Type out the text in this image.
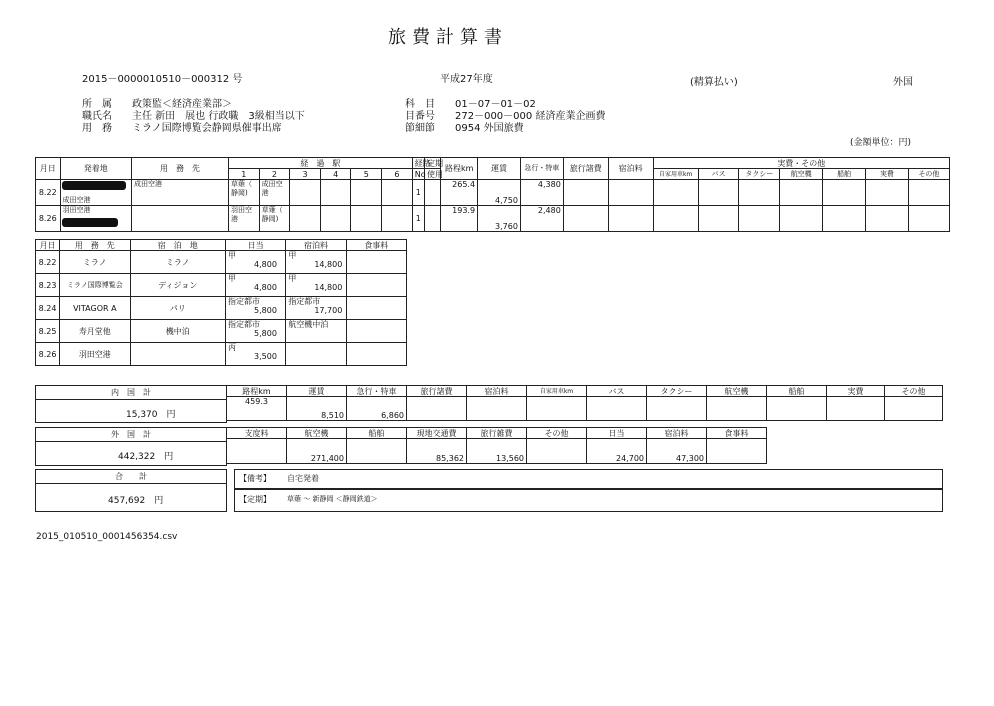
旅費計算書
2015－0000010510－000312 号	平成27年度	(精算払い)	外国
所　属 政策監＜経済産業部＞
職氏名 主任 新田　展也 行政職　3級相当以下
用　務 ミラノ国際博覧会静岡県催事出席
科　目 01－07－01－02
目番号 272－000－000 経済産業企画費
節細節 0954 外国旅費
(金額単位：円)
月日	発着地	用　務　先	経　過　駅						経路	定期	路程km	運賃	急行・特車	旅行諸費	宿泊料	実費・その他						
			1	2	3	4	5	6	No	使用						自家用車km	バス	タクシー	航空機	船舶	実費	その他
8.22	成田空港	成田空港	草薙（
静岡)	成田空
港					1		265.4	4,750	4,380									
8.26	羽田空港		羽田空
港	草薙（
静岡)					1		193.9	3,760	2,480									
月日	用　務　先	宿　泊　地	日当	宿泊料	食事料
8.22	ミラノ	ミラノ	甲
4,800	甲
14,800	
8.23	ミラノ国際博覧会	ディジョン	甲
4,800	甲
14,800	
8.24	VITAGOR A	パリ	指定都市
5,800	指定都市
17,700	
8.25	寿月堂他	機中泊	指定都市
5,800	航空機中泊

8.26	羽田空港		丙
3,500	

内　国　計
15,370　 円
路程km	運賃	急行・特車	旅行諸費	宿泊料	自家用車km	バス	タクシー	航空機	船舶	実費	その他
459.3	8,510	6,860									
外　国　計
442,322　 円
支度料	航空機	船舶	現地交通費	旅行雑費	その他	日当	宿泊料	食事料
	271,400		85,362	13,560		24,700	47,300	
合　　計
457,692　 円
【備考】 自宅発着
【定期】 草薙 ～ 新静岡 ＜静岡鉄道＞
2015_010510_0001456354.csv
